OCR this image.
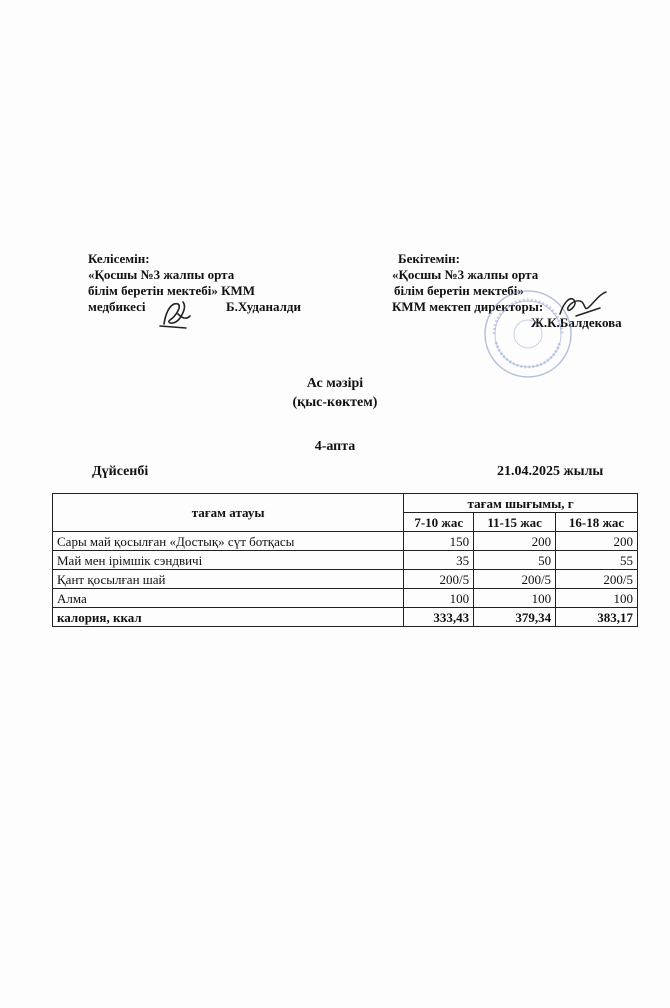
Келісемін:
«Қосшы №3 жалпы орта
білім беретін мектебі» КММ
медбикесі	Б.Худаналди
Бекітемін:
«Қосшы №3 жалпы орта
білім беретін мектебі»
КММ мектеп директоры:
Ж.К.Балдекова
Ас мәзірі
(қыс-көктем)
4-апта
Дүйсенбі	21.04.2025 жылы
тағам атауы	тағам шығымы, г		
	7-10 жас	11-15 жас	16-18 жас
Сары май қосылған «Достық» сүт ботқасы	150	200	200
Май мен ірімшік сэндвичі	35	50	55
Қант қосылған шай	200/5	200/5	200/5
Алма	100	100	100
калория, ккал	333,43	379,34	383,17
